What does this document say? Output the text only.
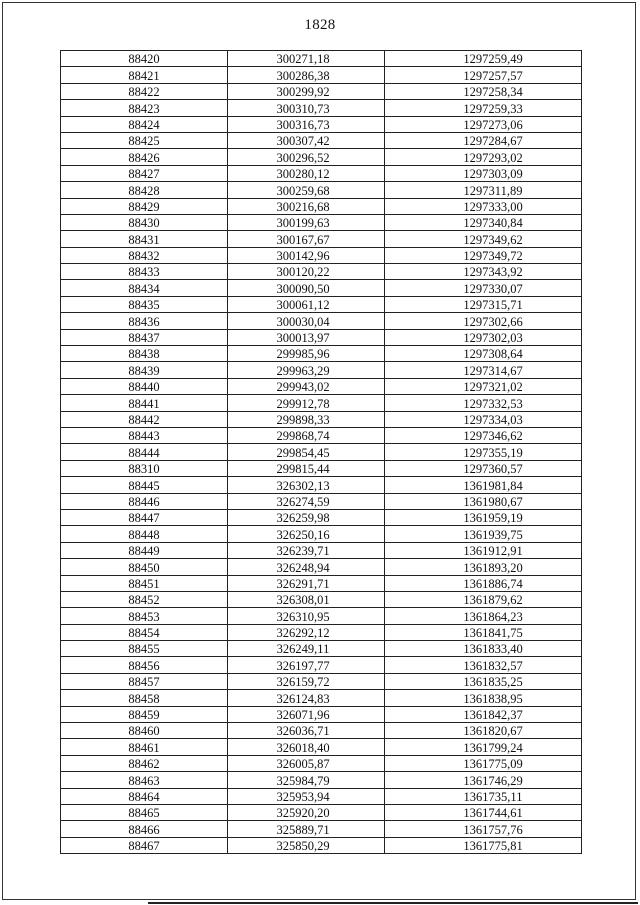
1828
88420	300271,18	1297259,49
88421	300286,38	1297257,57
88422	300299,92	1297258,34
88423	300310,73	1297259,33
88424	300316,73	1297273,06
88425	300307,42	1297284,67
88426	300296,52	1297293,02
88427	300280,12	1297303,09
88428	300259,68	1297311,89
88429	300216,68	1297333,00
88430	300199,63	1297340,84
88431	300167,67	1297349,62
88432	300142,96	1297349,72
88433	300120,22	1297343,92
88434	300090,50	1297330,07
88435	300061,12	1297315,71
88436	300030,04	1297302,66
88437	300013,97	1297302,03
88438	299985,96	1297308,64
88439	299963,29	1297314,67
88440	299943,02	1297321,02
88441	299912,78	1297332,53
88442	299898,33	1297334,03
88443	299868,74	1297346,62
88444	299854,45	1297355,19
88310	299815,44	1297360,57
88445	326302,13	1361981,84
88446	326274,59	1361980,67
88447	326259,98	1361959,19
88448	326250,16	1361939,75
88449	326239,71	1361912,91
88450	326248,94	1361893,20
88451	326291,71	1361886,74
88452	326308,01	1361879,62
88453	326310,95	1361864,23
88454	326292,12	1361841,75
88455	326249,11	1361833,40
88456	326197,77	1361832,57
88457	326159,72	1361835,25
88458	326124,83	1361838,95
88459	326071,96	1361842,37
88460	326036,71	1361820,67
88461	326018,40	1361799,24
88462	326005,87	1361775,09
88463	325984,79	1361746,29
88464	325953,94	1361735,11
88465	325920,20	1361744,61
88466	325889,71	1361757,76
88467	325850,29	1361775,81
